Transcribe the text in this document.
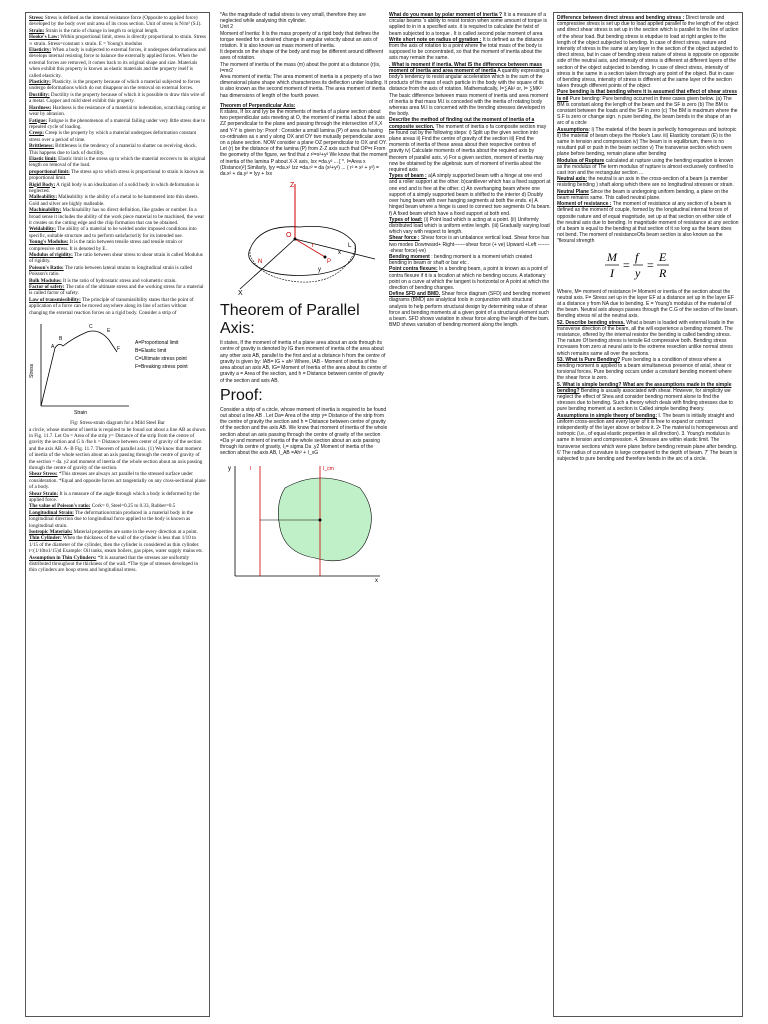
Stress: Stress is defined as the internal resistance force (Opposite to applied force) developed by the body over unit area of its cross section. Unit of stress is N/m² (S.I).

Strain: Strain is the ratio of change in length to original length.

Hooke's Law: Within proportional limit, stress is directly proportional to strain. Stress ∝ strain. Stress=constant x strain. E = Young's modulus

Elasticity: When a body is subjected to external forces, it undergoes deformations and develops internal resisting force to balance the externally applied forces. When the external forces are removed, it comes back to its original shape and size. Materials when exhibit this property is known as elastic materials and the property itself is called elasticity.

Plasticity: Plasticity. is the property because of which a material subjected to forces undergo deformations which do not disappear on the removal on external forces.

Ductility: Ductility is the property because of which it is possible to draw thin wire of a metal. Copper and mild steel exhibit this property.

Hardness: Hardness is the resistance of a material to indentation, scratching cutting or wear by abrasion.

Fatigue: Fatigue is the phenomenon of a material failing under very little stress due to repeated cycle of loading.

Creep: Creep is the property by which a material undergoes deformation constant stress over a period of time.

Brittleness: Brittleness is the tendency of a material to shatter on receiving shock. This happens due to lack of ductility.

Elastic limit: Elastic limit is the stress up to which the material recovers to its original length on removal of the load.

proportional limit: The stress up to which stress is proportional to strain is known as proportional limit.

Rigid Body: A rigid body is an idealization of a solid body in which deformation is neglected.

Malleability: Malleability is the ability of a metal to be hammered into thin sheets. Gold and silver are highly malleable.

Machinability: Machinability has no direct definition, like grades or number. In a broad sense it includes the ability of the work piece material to be machined, the wear it creates on the cutting edge and the chip formation that can be obtained.

Weldability: The ability of a material to be welded under imposed conditions into specific, suitable structure and to perform satisfactorily for its intended use.

Young's Modulus: It is the ratio between tensile stress and tensile strain or compressive stress. It is denoted by E.

Modulus of rigidity: The ratio between shear stress to shear strain is called Modulus of rigidity.

Poisson's Ratio: The ratio between lateral strains to longitudinal strain is called Poisson's ratio.

Bulk Modulus: It is the ratio of hydrostatic stress and volumetric strain.

Factor of safety: The ratio of the ultimate stress and the working stress for a material is called factor of safety.

Law of transmissibility: The principle of transmissibility states that the point of application of a force can be moved anywhere along its line of action without changing the external reaction forces on a rigid body. Consider a strip of

Stress
Strain
A
B
C
E
F
A=Proportional limit
B=Elastic limit
C=Ultimate stress point
F=Breaking stress point

Fig: Stress-strain diagram for a Mild Steel Bar

a circle, whose moment of inertia is required to be found out about a line AB as shown in Fig. 11.7. Let Oa = Area of the strip y= Distance of the strip from the centre of gravity the section and G h /fse h = Distance between center of gravity of the section and the axis AB. A- B Fig. 11.7. Theorem of parallel axis. (1) We know that moment of inertia of the whole section about an axis passing through the centre of gravity of the section = da. y2 and moment of inertia of the whole section about an axis passing through the centre of gravity of the section.

Shear Stress: *This stresses are always act parallel to the stressed surface under consideration. *Equal and opposite forces act tangentially on any cross-sectional plane of a body.

Shear Strain: It is a measure of the angle through which a body is deformed by the applied force.

The value of Poisson's ratio: Cork= 0, Steel=0.25 to 0.33, Rubber=0.5

Longitudinal Strain: The deformation/strain produced in a material body in the longitudinal direction due to longitudinal force applied to the body is known as longitudinal strain.

Isotropic Materials: Material properties are same in the every direction at a point.

Thin Cylinder: When the thickness of the wall of the cylinder is less than 1/10 to 1/15 of the diameter of the cylinder, then the cylinder is considered as thin cylinder. t<(1/10to1/15)d Example: Oil tanks, steam boilers, gas pipes, water supply mains etc.

Assumption in Thin Cylinders: *It is assumed that the stresses are uniformly distributed throughout the thickness of the wall. *The type of stresses developed in thin cylinders are hoop stress and longitudinal stress.

*As the magnitude of radial stress is very small, therefore they are neglected while analysing thin cylinder.

Unit 2

Moment of Inertia: It is the mass property of a rigid body that defines the torque needed for a desired change in angular velocity about an axis of rotation. It is also known as mass moment of inertia.

It depends on the shape of the body and may be different around different axes of rotation.

The moment of inertia of the mass (m) about the point at a distance (r)is, I=mr2

Area moment of inertia: The area moment of inertia is a property of a two dimensional plane shape which characterizes its deflection under loading. It is also known as the second moment of inertia. The area moment of inertia has dimensions of length of the fourth power.

Theorem of Perpendicular Axis:

It states, If Ixx and Iyy be the moments of inertia of a plane section about two perpendicular axis meeting at O, the moment of inertia I about the axis ZZ perpendicular to the plane and passing through the intersection of X,X and Y-Y is given by: Proof : Consider a small lamina (P) of area da having co-ordinates as x and y along OX and OY two mutually perpendicular axes on a plane section. NOW consider a plane OZ perpendicular to OX and OY. Let (r) be the distance of the lamina (P) from Z-Z axis such that OP=r From the geometry of the figure, we find that z r²=x²+y² We know that the moment of inertia of the lamina P about X-X axis, Ixx =da.y² ... [ *. I=Area x (Distance)²] Similarly, Iyy =da.x² Izz =da.r² = da (x²+y²) ... ( r² = x² + y²) = da.x² + da.y² = Iyy + Ixx

Z
O
r	L
x
N	P
y
X
Theorem of Parallel Axis:

It states, If the moment of inertia of a plane area about an axis through its centre of gravity is denoted by IG then moment of inertia of the area about any other axis AB, parallel to the first and at a distance h from the centre of gravity is given by: IAB= IG + ah² Where, IAB - Moment of inertia of the area about an axis AB, IG= Moment of Inertia of the area about its centre of gravity a = Area of the section, and h = Distance between centre of gravity of the section and axis AB.

Proof:

Consider a strip of a circle, whose moment of inertia is required to be found out about a line AB . Let Da= Area of the strip y= Distance of the strip from the centre of gravity the section and h = Distance between centre of gravity of the section and the axis AB. We know that moment of inertia of the whole section about an axis passing through the centre of gravity of the section =Da y² and moment of inertia of the whole section about an axis passing through its centre of gravity, I₁= sigma Da .y2 Moment of inertia of the section about the axis AB, I_AB =Ah² + I_xG

y
x
I_cm
I

What do you mean by polar moment of inertia ? It is a measure of a circular beams 's ability to resist torsion when some amount of torque is applied to in in a specified axis .it is required to calculate the twist of beam subjected to a torque . It is called second polar moment of area

Write short note on radius of gyration : It is defined as the distance from the axis of rotation to a point where the total mass of the body is supposed to be concentrated, so that the moment of inertia about the axis may remain the same.

. What is moment if inertia. What IS the difference between mass moment of inertia and area moment of inertia A quantity expressing a body's tendency to resist angular acceleration which is the sum of the products of the mass of each particle in the body with the square of its distance from the axis of rotation. Mathematically, I=∑Ak² or, I= ∑MK² The basic difference between mass moment of inertia and area moment of inertia is that mass M.I is conceded with the inertia of rotating body whereas area M.I is concerned with the trending stresses developed in the body.

Describe the method of finding out the moment of inertia of a composite section. The moment of inertia o fa composite section may be found out by the following steps: i) Split up the given section into plane areas ii) Find the centre of gravity of the section iii) Find the moments of inertia of these areas about their respective centres of gravity iv) Calculate moments of inertia about the required axis by theorem of parallel axis. v) For a given section, moment of inertia may now be obtained by the algebraic sum of moment of inertia about the required axis

Types of beam : a)A simply supported beam with a hinge at one end and a roller support at the other. b)cantilever which has a fixed support at one end and is free at the other. c) An overhanging beam where one support of a simply supported beam is shifted to the interior d) Doubly over hung beam with over hanging segments at both the ends. e) A hinged beam where a hinge is used to connect two segments O fa beam. f) A fixed beam which have a fixed support at both end.

Types of load: (i) Point load which is acting at a point. (ii) Uniformly distributed load which is uniform entire length. (iii) Gradually varying load which vary with respect to length.

Shear force : Shear force is an unbalance vertical load. Shear force has two modes Downward+ Right-------shear force (+ ve) Upward +Left --------shear force(-ve)

Bending moment : bending moment is a moment which created bending in beam or shaft or bar etc .

Point contra flexure: In a bending beam, a point is known as a point of contra flexure if it is a location at which no bending occurs. A stationary point on a curve at which the tangent is horizontal or A point at which the direction of bending changes.

Define SFD and BMD. Shear force diagram (SFD) and bending moment diagrams (BMD) are analytical tools in conjunction with structural analysis to help perform structural design by determining value of shear force and bending moments at a given point of a structural element such a beam. SFD shows variation in shear force along the length of the bam. BMD shows variation of bending moment along the length.

Difference between direct stress and bending stress : Direct tensile and compressive stress is set up due to load applied parallel to the length of the object and direct shear stress is set up in the section which is parallel to the line of action of the shear load. But bending stress is etupdue to load at right angles to the length of the object subjected to bending. In case of direct stress, nature and intensity of stress is the same at any layer in the section of the object subjected to direct stress, but in case of bending stress nature of stress is opposite on opposite side of the neutral axis, and intensity of stress is different at different layers of the section of the object subjected to bending. In case of direct stress, intensity of stress is the same in a section taken through any point of the object. But in case of bending stress, intensity of stress is different at the same layer of the section taken through different points of the object

Pure bending is that bending where it is assumed that effect of shear stress is nil Pure bending: Pure bending occurred in three cases given below. (a) The BM is constant along the length of the beam and the SF is zero (b) The BM is constant between the loads and the SF in zero (c) The BM is maximum where the S.F is zero or change sign. n pure bending, the beam bends in the shape of an arc of a circle

Assumptions: i) The material of the beam is perfectly homogenous and isotropic ii) the material of beam obeys the Hooke's Law. iii) Elasticity constant (E) is the same in tension and compression iv) The beam is in equilibrium, there is no resultant pull or push in the beam section v) The transverse section which were plane before bending, remain plane after bending

Modulus of Rupture calculated at rupture using the bending equation is known as the modulus of The term modulus of rupture is almost exclusively confined to cast iron and the rectangular section ...

Neutral axis: the neutral is an axis in the cross-section of a beam (a member resisting bending ) shaft along which there are no longitudinal stresses or strain.

Neutral Plane Since the beam is undergoing uniform bending, a plane on the beam remains same. This called neutral plane.

Moment of resistance : The moment of resistance at any section of a beam is defined as the moment of couple, formed by the longitudinal internal forces of opposite nature and of equal magnitude, set up at that section on either side of the neutral axis due to bending. In magnitude moment of resistance at any section of a beam is equal to the bending at that section of it so long as the beam does not bend. The moment of resistanceOfa beam section is also known as the "flexural strength

M
I
=
f
y
=
E
R

Where, M= moment of resistance I= Moment or inertia of the section about the neutral axis. F= Stress set up in the layer EF at a distance set up in the layer EF at a distance y from NA due to bending. E = Young's modulus of the material of the beam. Neutral axis always passes through the C.G of the section of the beam. Bending stress nil at the neutral axis.

52. Describe bending stress. What a beam is loaded with external loads in the transverse direction of the beam, all the will experience a bending moment. The resistance, offered by the internal resistor the bending is called bending stress. The nature Of bending stress is tensile Ed compressive both. Bending stress increases from zero at neural axis to the extreme resection unlike normal stress which remains same all over the sections.

53. What is Pure Bending? Pure bending is a condition of stress where a bending moment is applied to a beam simultaneous presence of axial, shear or torsional forces. Pure bending occurs under a constant bending moment where the shear force is zero.

5. What is simple bending? What are the assumptions made in the simple bending? Bending is usually associated with shear. However, for simplicity we neglect the effect of Shea and consider bending moment alone to find the stresses due to bending. Such a theory which deals with finding stresses due to pure bending moment at a section is Called simple bending theory.

Assumptions in simple theory of bending: I. The beam is initially straight and uniform cross-section and every layer of it is free to expand or contract independently of the layer above or below it. 2• The material is homogeneous and isotropic (i.e., of equal elastic properties in all direction). 3. Young's modulus is same in tension and compression. 4. Stresses are within elastic limit. The transverse sections which were plane before bending remain plane after bending. 6' The radius of curvature is large compared to the depth of beam. 7' The beam is subjected to pure bending and therefore bends in the arc of a circle.
